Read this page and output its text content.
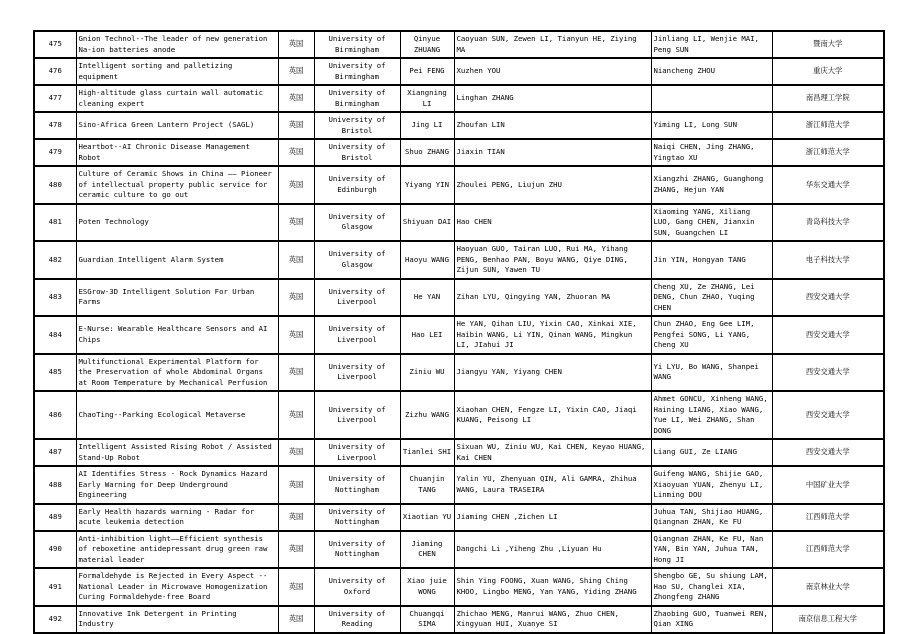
475	Gnion Technol--The leader of new generation Na-ion batteries anode	英国	University of Birmingham	Qinyue ZHUANG	Caoyuan SUN, Zewen LI, Tianyun HE, Ziying MA	Jinliang LI, Wenjie MAI, Peng SUN	暨南大学
476	Intelligent sorting and palletizing equipment	英国	University of Birmingham	Pei FENG	Xuzhen YOU	Niancheng ZHOU	重庆大学
477	High-altitude glass curtain wall automatic cleaning expert	英国	University of Birmingham	Xiangning LI	Linghan ZHANG		南昌理工学院
478	Sino-Africa Green Lantern Project (SAGL)	英国	University of Bristol	Jing LI	Zhoufan LIN	Yiming LI, Long SUN	浙江师范大学
479	Heartbot--AI Chronic Disease Management Robot	英国	University of Bristol	Shuo ZHANG	Jiaxin TIAN	Naiqi CHEN, Jing ZHANG, Yingtao XU	浙江师范大学
480	Culture of Ceramic Shows in China —— Pioneer of intellectual property public service for ceramic culture to go out	英国	University of Edinburgh	Yiyang YIN	Zhoulei PENG, Liujun ZHU	Xiangzhi ZHANG, Guanghong ZHANG, Hejun YAN	华东交通大学
481	Poten Technology	英国	University of Glasgow	Shiyuan DAI	Hao CHEN	Xiaoming YANG, Xiliang LUO, Gang CHEN, Jianxin SUN, Guangchen LI	青岛科技大学
482	Guardian Intelligent Alarm System	英国	University of Glasgow	Haoyu WANG	Haoyuan GUO, Tairan LUO, Rui MA, Yihang PENG, Benhao PAN, Boyu WANG, Qiye DING, Zijun SUN, Yawen TU	Jin YIN, Hongyan TANG	电子科技大学
483	ESGrow-3D Intelligent Solution For Urban Farms	英国	University of Liverpool	He YAN	Zihan LYU, Qingying YAN, Zhuoran MA	Cheng XU, Ze ZHANG, Lei DENG, Chun ZHAO, Yuqing CHEN	西安交通大学
484	E-Nurse: Wearable Healthcare Sensors and AI Chips	英国	University of Liverpool	Hao LEI	He YAN, Qihan LIU, Yixin CAO, Xinkai XIE, Haibin WANG, Li YIN, Qinan WANG, Mingkun LI, JIahui JI	Chun ZHAO, Eng Gee LIM, Pengfei SONG, Li YANG, Cheng XU	西安交通大学
485	Multifunctional Experimental Platform for the Preservation of whole Abdominal Organs at Room Temperature by Mechanical Perfusion	英国	University of Liverpool	Ziniu WU	Jiangyu YAN, Yiyang CHEN	Yi LYU, Bo WANG, Shanpei WANG	西安交通大学
486	ChaoTing--Parking Ecological Metaverse	英国	University of Liverpool	Zizhu WANG	Xiaohan CHEN, Fengze LI, Yixin CAO, Jiaqi KUANG, Peisong LI	Ahmet GONCU, Xinheng WANG, Haining LIANG, Xiao WANG, Yue LI, Wei ZHANG, Shan DONG	西安交通大学
487	Intelligent Assisted Rising Robot / Assisted Stand-Up Robot	英国	University of Liverpool	Tianlei SHI	Sixuan WU, Ziniu WU, Kai CHEN, Keyao HUANG, Kai CHEN	Liang GUI, Ze LIANG	西安交通大学
488	AI Identifies Stress - Rock Dynamics Hazard Early Warning for Deep Underground Engineering	英国	University of Nottingham	Chuanjin TANG	Yalin YU, Zhenyuan QIN, Ali GAMRA, Zhihua WANG, Laura TRASEIRA	Guifeng WANG, Shijie GAO, Xiaoyuan YUAN, Zhenyu LI, Linming DOU	中国矿业大学
489	Early Health hazards warning - Radar for acute leukemia detection	英国	University of Nottingham	Xiaotian YU	Jiaming CHEN ,Zichen LI	Juhua TAN, Shijiao HUANG, Qiangnan ZHAN, Ke FU	江西师范大学
490	Anti-inhibition light——Efficient synthesis of reboxetine antidepressant drug green raw material leader	英国	University of Nottingham	Jiaming CHEN	Dangchi Li ,Yiheng Zhu ,Liyuan Hu	Qiangnan ZHAN, Ke FU, Nan YAN, Bin YAN, Juhua TAN, Hong JI	江西师范大学
491	Formaldehyde is Rejected in Every Aspect -- National Leader in Microwave Homogenization Curing Formaldehyde-free Board	英国	University of Oxford	Xiao juie WONG	Shin Ying FOONG, Xuan WANG, Shing Ching KHOO, Lingbo MENG, Yan YANG, Yiding ZHANG	Shengbo GE, Su shiung LAM, Hao SU, Changlei XIA, Zhongfeng ZHANG	南京林业大学
492	Innovative Ink Detergent in Printing Industry	英国	University of Reading	Chuangqi SIMA	Zhichao MENG, Manrui WANG, Zhuo CHEN, Xingyuan HUI, Xuanye SI	Zhaobing GUO, Tuanwei REN, Qian XING	南京信息工程大学
